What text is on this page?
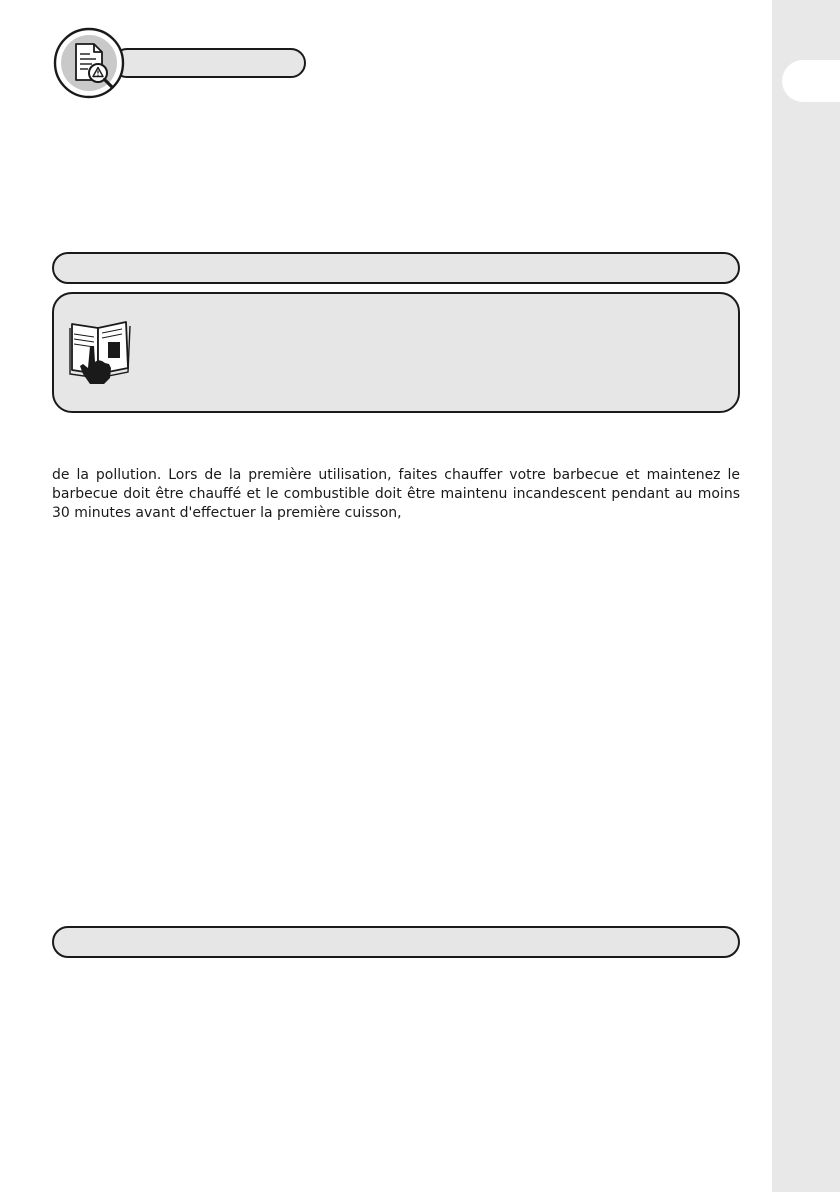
de la pollution. Lors de la première utilisation, faites chauffer votre barbecue et maintenez le
barbecue doit être chauffé et le combustible doit être maintenu incandescent pendant au moins
30 minutes avant d'effectuer la première cuisson,
